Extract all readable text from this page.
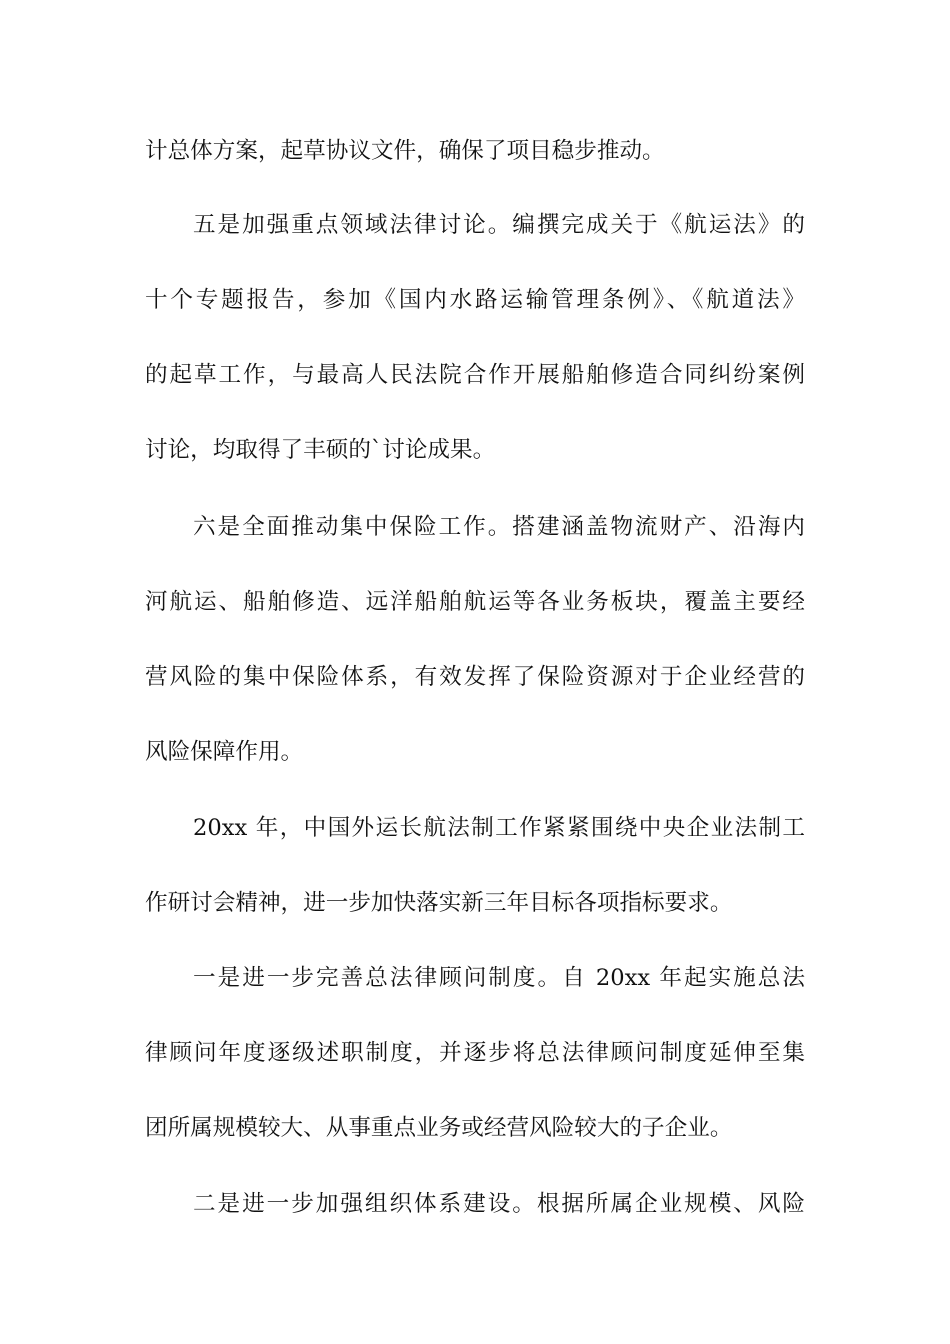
计总体方案，起草协议文件，确保了项目稳步推动。

五是加强重点领域法律讨论。编撰完成关于《航运法》的

十个专题报告，参加《国内水路运输管理条例》、《航道法》

的起草工作，与最高人民法院合作开展船舶修造合同纠纷案例

讨论，均取得了丰硕的`讨论成果。

六是全面推动集中保险工作。搭建涵盖物流财产、沿海内

河航运、船舶修造、远洋船舶航运等各业务板块，覆盖主要经

营风险的集中保险体系，有效发挥了保险资源对于企业经营的

风险保障作用。

20xx 年，中国外运长航法制工作紧紧围绕中央企业法制工

作研讨会精神，进一步加快落实新三年目标各项指标要求。

一是进一步完善总法律顾问制度。自 20xx 年起实施总法

律顾问年度逐级述职制度，并逐步将总法律顾问制度延伸至集

团所属规模较大、从事重点业务或经营风险较大的子企业。

二是进一步加强组织体系建设。根据所属企业规模、风险
